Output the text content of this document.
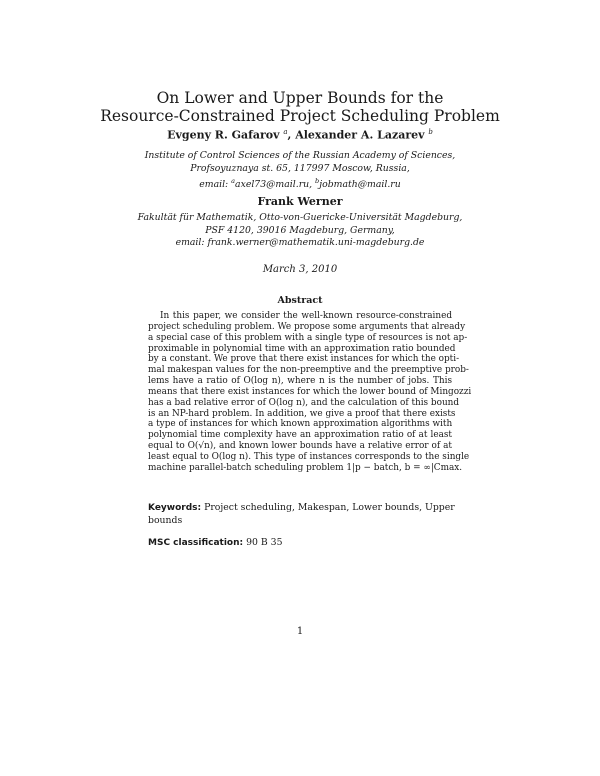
On Lower and Upper Bounds for the
Resource-Constrained Project Scheduling Problem
Evgeny R. Gafarov $^a$, Alexander A. Lazarev $^b$
Institute of Control Sciences of the Russian Academy of Sciences,
Profsoyuznaya st. 65, 117997 Moscow, Russia,
email: $^a$axel73@mail.ru, $^b$jobmath@mail.ru
Frank Werner
Fakultät für Mathematik, Otto-von-Guericke-Universität Magdeburg,
PSF 4120, 39016 Magdeburg, Germany,
email: frank.werner@mathematik.uni-magdeburg.de
March 3, 2010
Abstract
In this paper, we consider the well-known resource-constrained
project scheduling problem. We propose some arguments that already
a special case of this problem with a single type of resources is not ap-
proximable in polynomial time with an approximation ratio bounded
by a constant. We prove that there exist instances for which the opti-
mal makespan values for the non-preemptive and the preemptive prob-
lems have a ratio of O(log n), where n is the number of jobs. This
means that there exist instances for which the lower bound of Mingozzi
has a bad relative error of O(log n), and the calculation of this bound
is an NP-hard problem. In addition, we give a proof that there exists
a type of instances for which known approximation algorithms with
polynomial time complexity have an approximation ratio of at least
equal to O(√n), and known lower bounds have a relative error of at
least equal to O(log n). This type of instances corresponds to the single
machine parallel-batch scheduling problem 1|p − batch, b = ∞|Cmax.
Keywords: Project scheduling, Makespan, Lower bounds, Upper
bounds
MSC classification: 90 B 35
1
